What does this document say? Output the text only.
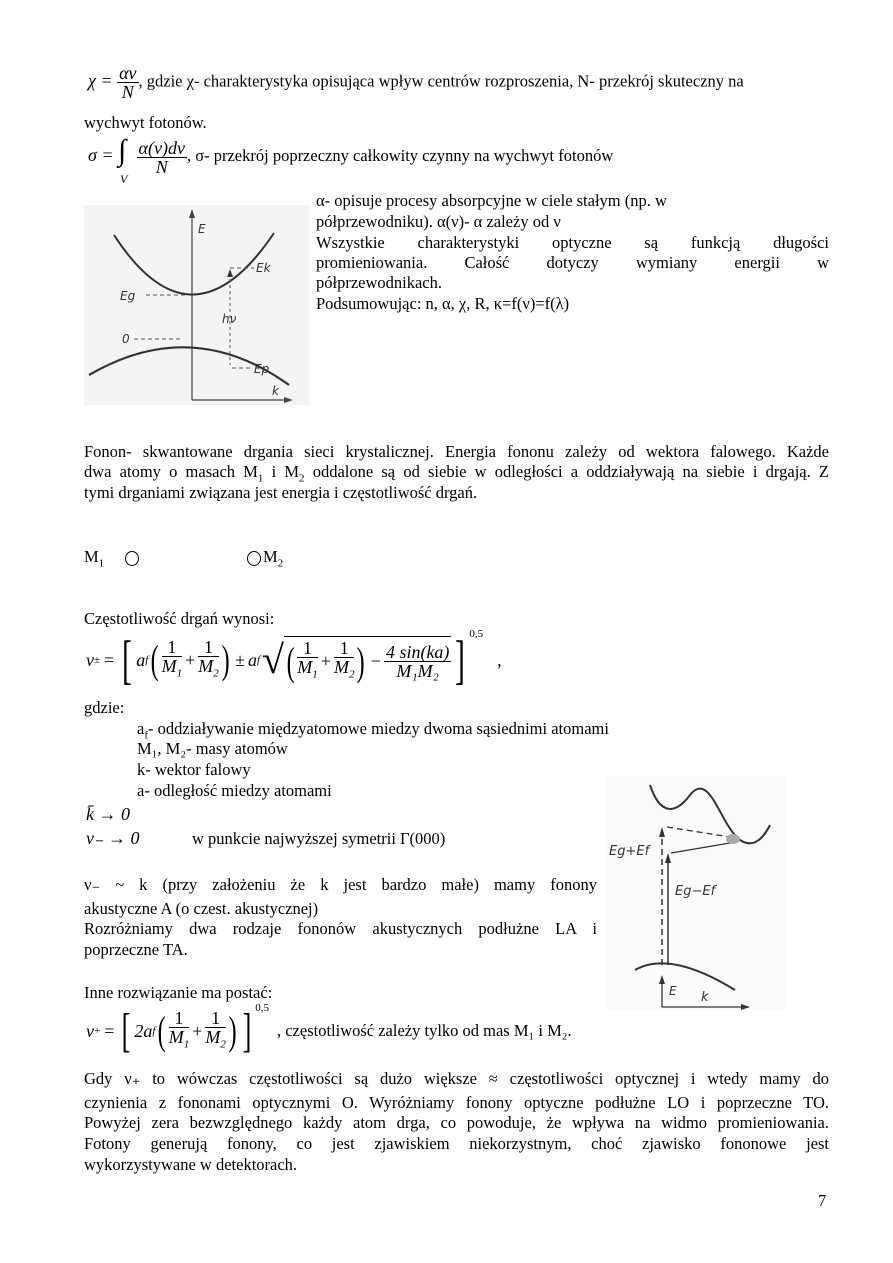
$\chi = \frac{\alpha\nu}{N}$ , gdzie χ- charakterystyka opisująca wpływ centrów rozproszenia, N- przekrój skuteczny na
wychwyt fotonów.
σ = ∫
V

$\frac{\alpha(\nu)d\nu}{N}$ , σ- przekrój poprzeczny całkowity czynny na wychwyt fotonów
E
Ek
Eg
hν
0
Ep
k
α- opisuje procesy absorpcyjne w ciele stałym (np. w
półprzewodniku). α(ν)- α zależy od ν
Wszystkie charakterystyki optyczne są funkcją długości
promieniowania. Całość dotyczy wymiany energii w
półprzewodnikach.
Podsumowując: n, α, χ, R, κ=f(ν)=f(λ)
Fonon- skwantowane drgania sieci krystalicznej. Energia fononu zależy od wektora falowego. Każde
dwa atomy o masach $M_1$ i $M_2$ oddalone są od siebie w odległości a oddziaływają na siebie i drgają. Z
tymi drganiami związana jest energia i częstotliwość drgań.
$M_1$	$M_2$
Częstotliwość drgań wynosi:
ν ± = [ a f ( $\frac{1}{M_1} + \frac{1}{M_2}$ ) ± a f √ ( $\frac{1}{M_1} + \frac{1}{M_2}$ ) − $\frac{4 \sin(ka)}{\text{M₁M₂}}$ ] $^{0,5}$
,
gdzie:
$a_f-$ oddziaływanie międzyatomowe miedzy dwoma sąsiednimi atomami
M₁, M₂- masy atomów
k- wektor falowy
a- odległość miedzy atomami
k̄ → 0
ν₋ → 0	w punkcie najwyższej symetrii Γ(000)
ν₋ ~ k (przy założeniu że k jest bardzo małe) mamy fonony
akustyczne A (o czest. akustycznej)
Rozróżniamy dwa rodzaje fononów akustycznych podłużne LA i
poprzeczne TA.
Eg+Ef
Eg−Ef
E k
Inne rozwiązanie ma postać:
ν + = [ 2a f ( $\frac{1}{M_1} + \frac{1}{M_2}$ ) ] $^{0,5}$
, częstotliwość zależy tylko od mas M₁ i M₂.
Gdy ν₊ to wówczas częstotliwości są dużo większe ≈ częstotliwości optycznej i wtedy mamy do
czynienia z fononami optycznymi O. Wyróżniamy fonony optyczne podłużne LO i poprzeczne TO.
Powyżej zera bezwzględnego każdy atom drga, co powoduje, że wpływa na widmo promieniowania.
Fotony generują fonony, co jest zjawiskiem niekorzystnym, choć zjawisko fononowe jest
wykorzystywane w detektorach.
7
